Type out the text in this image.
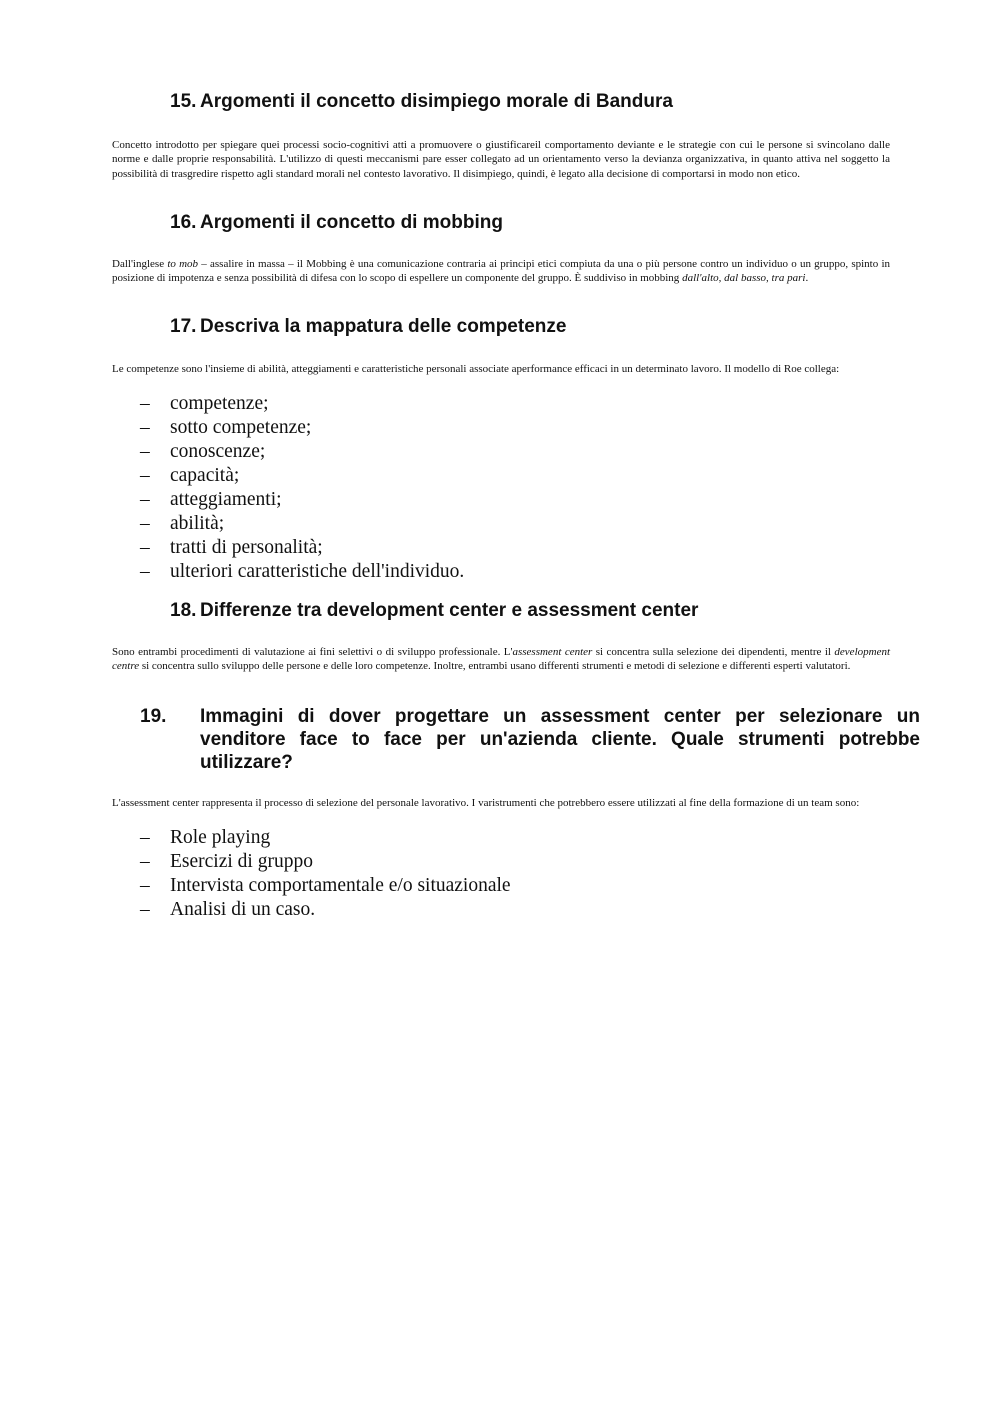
15. Argomenti il concetto disimpiego morale di Bandura

Concetto introdotto per spiegare quei processi socio-cognitivi atti a promuovere o giustificareil comportamento deviante e le strategie con cui le persone si svincolano dalle norme e dalle proprie responsabilità. L'utilizzo di questi meccanismi pare esser collegato ad un orientamento verso la devianza organizzativa, in quanto attiva nel soggetto la possibilità di trasgredire rispetto agli standard morali nel contesto lavorativo. Il disimpiego, quindi, è legato alla decisione di comportarsi in modo non etico.

16. Argomenti il concetto di mobbing

Dall'inglese to mob – assalire in massa – il Mobbing è una comunicazione contraria ai principi etici compiuta da una o più persone contro un individuo o un gruppo, spinto in posizione di impotenza e senza possibilità di difesa con lo scopo di espellere un componente del gruppo. È suddiviso in mobbing dall'alto, dal basso, tra pari.

17. Descriva la mappatura delle competenze

Le competenze sono l'insieme di abilità, atteggiamenti e caratteristiche personali associate aperformance efficaci in un determinato lavoro. Il modello di Roe collega:

– competenze;
– sotto competenze;
– conoscenze;
– capacità;
– atteggiamenti;
– abilità;
– tratti di personalità;
– ulteriori caratteristiche dell'individuo.
18. Differenze tra development center e assessment center

Sono entrambi procedimenti di valutazione ai fini selettivi o di sviluppo professionale. L'assessment center si concentra sulla selezione dei dipendenti, mentre il development centre si concentra sullo sviluppo delle persone e delle loro competenze. Inoltre, entrambi usano differenti strumenti e metodi di selezione e differenti esperti valutatori.

19. Immagini di dover progettare un assessment center per selezionare un venditore face to face per un'azienda cliente. Quale strumenti potrebbe utilizzare?

L'assessment center rappresenta il processo di selezione del personale lavorativo. I varistrumenti che potrebbero essere utilizzati al fine della formazione di un team sono:

– Role playing
– Esercizi di gruppo
– Intervista comportamentale e/o situazionale
– Analisi di un caso.
